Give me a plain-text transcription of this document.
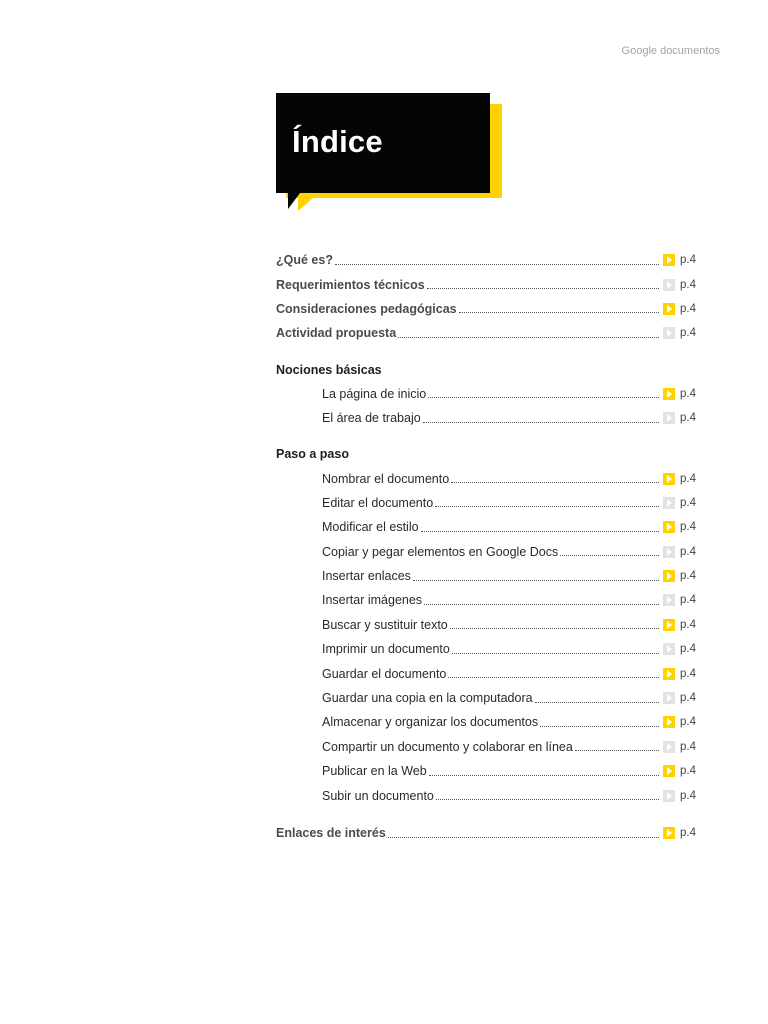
Google documentos
Índice
¿Qué es?	p.4
Requerimientos técnicos	p.4
Consideraciones pedagógicas	p.4
Actividad propuesta	p.4
Nociones básicas
La página de inicio	p.4
El área de trabajo	p.4
Paso a paso
Nombrar el documento	p.4
Editar el documento	p.4
Modificar el estilo	p.4
Copiar y pegar elementos en Google Docs	p.4
Insertar enlaces	p.4
Insertar imágenes	p.4
Buscar y sustituir texto	p.4
Imprimir un documento	p.4
Guardar el documento	p.4
Guardar una copia en la computadora	p.4
Almacenar y organizar los documentos	p.4
Compartir un documento y colaborar en línea	p.4
Publicar en la Web	p.4
Subir un documento	p.4
Enlaces de interés	p.4
